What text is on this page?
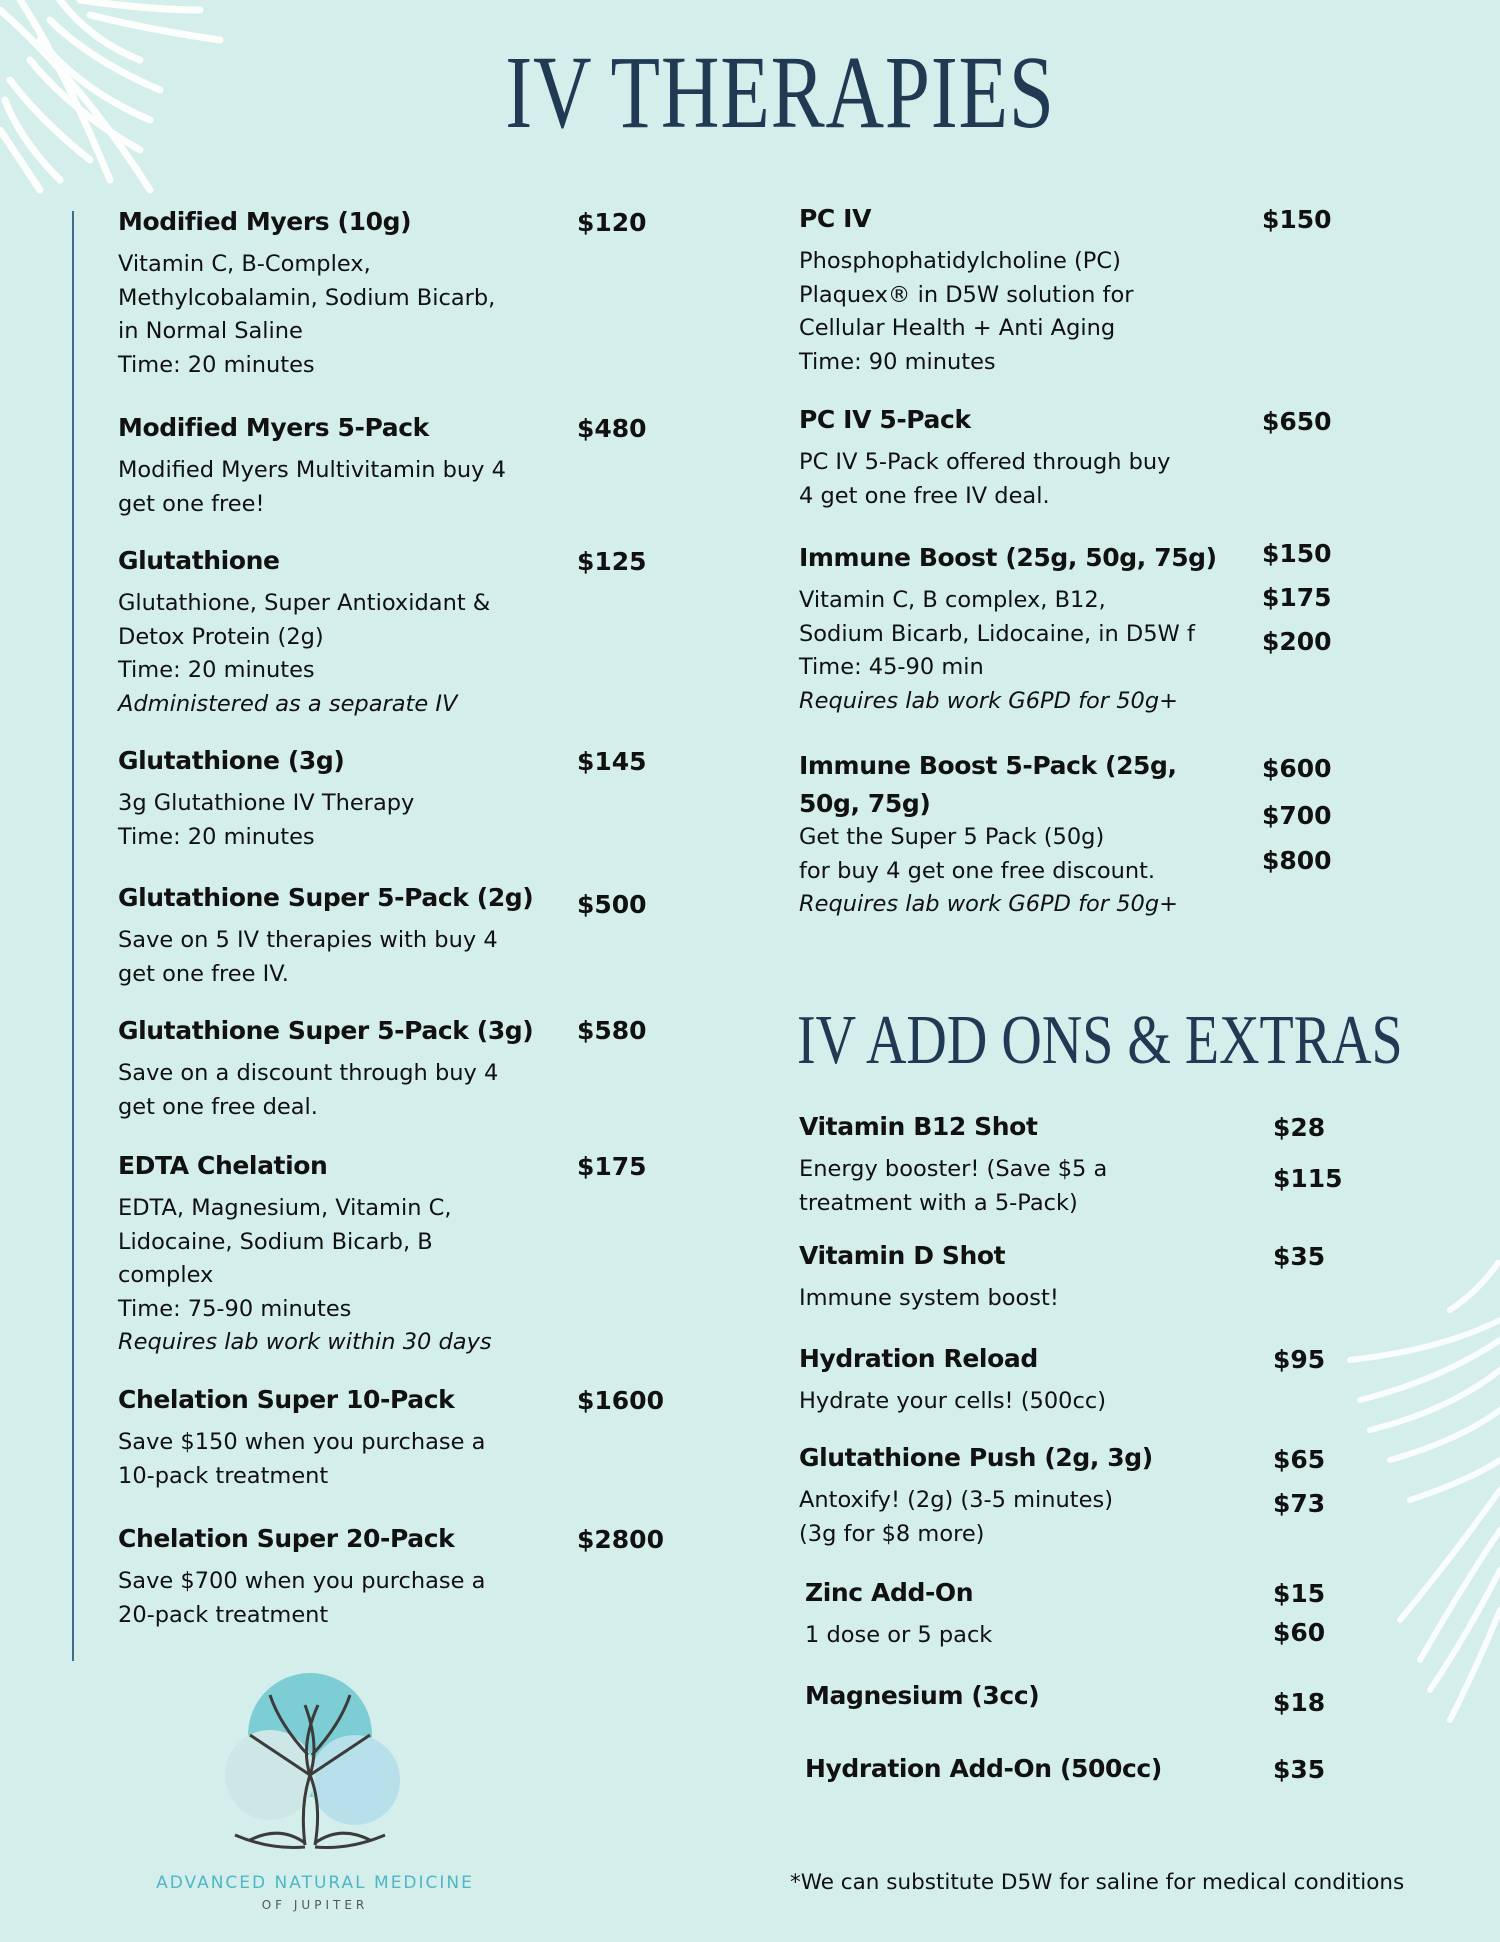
IV THERAPIES
IV ADD ONS & EXTRAS
Modified Myers (10g)
Vitamin C, B-Complex,
Methylcobalamin, Sodium Bicarb,
in Normal Saline
Time: 20 minutes
$120
Modified Myers 5-Pack
Modified Myers Multivitamin buy 4
get one free!
$480
Glutathione
Glutathione, Super Antioxidant &
Detox Protein (2g)
Time: 20 minutes
Administered as a separate IV
$125
Glutathione (3g)
3g Glutathione IV Therapy
Time: 20 minutes
$145
Glutathione Super 5-Pack (2g)
Save on 5 IV therapies with buy 4
get one free IV.
$500
Glutathione Super 5-Pack (3g)
Save on a discount through buy 4
get one free deal.
$580
EDTA Chelation
EDTA, Magnesium, Vitamin C,
Lidocaine, Sodium Bicarb, B
complex
Time: 75-90 minutes
Requires lab work within 30 days
$175
Chelation Super 10-Pack
Save $150 when you purchase a
10-pack treatment
$1600
Chelation Super 20-Pack
Save $700 when you purchase a
20-pack treatment
$2800
PC IV
Phosphophatidylcholine (PC)
Plaquex® in D5W solution for
Cellular Health + Anti Aging
Time: 90 minutes
$150
PC IV 5-Pack
PC IV 5-Pack offered through buy
4 get one free IV deal.
$650
Immune Boost (25g, 50g, 75g)
Vitamin C, B complex, B12,
Sodium Bicarb, Lidocaine, in D5W f
Time: 45-90 min
Requires lab work G6PD for 50g+
$150
$175
$200
Immune Boost 5-Pack (25g, 50g, 75g)
Get the Super 5 Pack (50g)
for buy 4 get one free discount.
Requires lab work G6PD for 50g+
$600
$700
$800
Vitamin B12 Shot
Energy booster! (Save $5 a
treatment with a 5-Pack)
$28
$115
Vitamin D Shot
Immune system boost!
$35
Hydration Reload
Hydrate your cells! (500cc)
$95
Glutathione Push (2g, 3g)
Antoxify! (2g) (3-5 minutes)
(3g for $8 more)
$65
$73
Zinc Add-On
1 dose or 5 pack
$15
$60
Magnesium (3cc)	$18
Hydration Add-On (500cc)	$35
ADVANCED NATURAL MEDICINE
OF JUPITER
*We can substitute D5W for saline for medical conditions
